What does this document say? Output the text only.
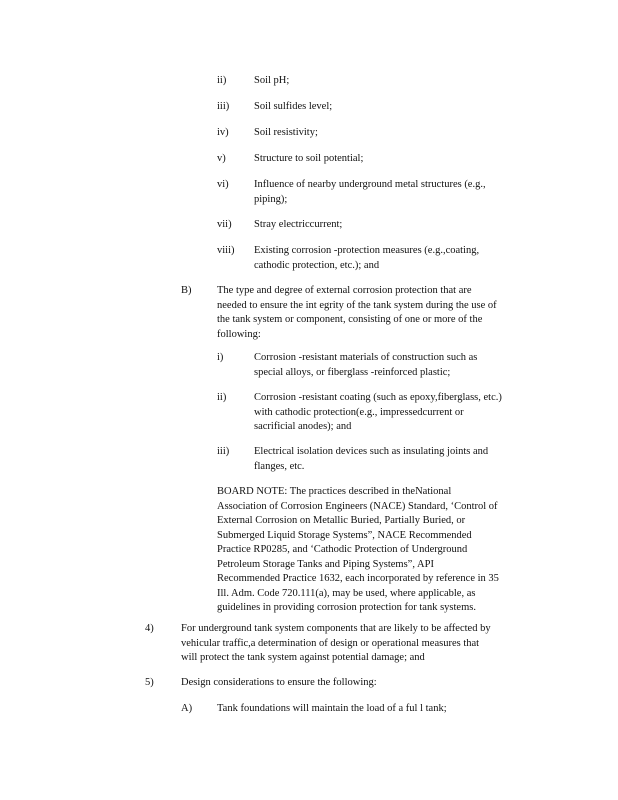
ii)	Soil pH;
iii) Soil sulfides level;
iv) Soil resistivity;
v)	Structure to soil potential;
vi) Influence of nearby underground metal structures (e.g.,
piping);
vii) Stray electriccurrent;
viii) Existing corrosion -protection measures (e.g.,coating,
cathodic protection, etc.); and
B) The type and degree of external corrosion protection that are
needed to ensure the int egrity of the tank system during the use of
the tank system or component, consisting of one or more of the
following:
i)	Corrosion -resistant materials of construction such as
special alloys, or fiberglass -reinforced plastic;
ii)	Corrosion -resistant coating (such as epoxy,fiberglass, etc.)
with cathodic protection(e.g., impressedcurrent or
sacrificial anodes); and
iii) Electrical isolation devices such as insulating joints and
flanges, etc.
BOARD NOTE: The practices described in theNational
Association of Corrosion Engineers (NACE) Standard, ‘Control of
External Corrosion on Metallic Buried, Partially Buried, or
Submerged Liquid Storage Systems”, NACE Recommended
Practice RP0285, and ‘Cathodic Protection of Underground
Petroleum Storage Tanks and Piping Systems”, API
Recommended Practice 1632, each incorporated by reference in 35
Ill. Adm. Code 720.111(a), may be used, where applicable, as
guidelines in providing corrosion protection for tank systems.
4)	For underground tank system components that are likely to be affected by
vehicular traffic,a determination of design or operational measures that
will protect the tank system against potential damage; and
5)	Design considerations to ensure the following:
A) Tank foundations will maintain the load of a ful l tank;
